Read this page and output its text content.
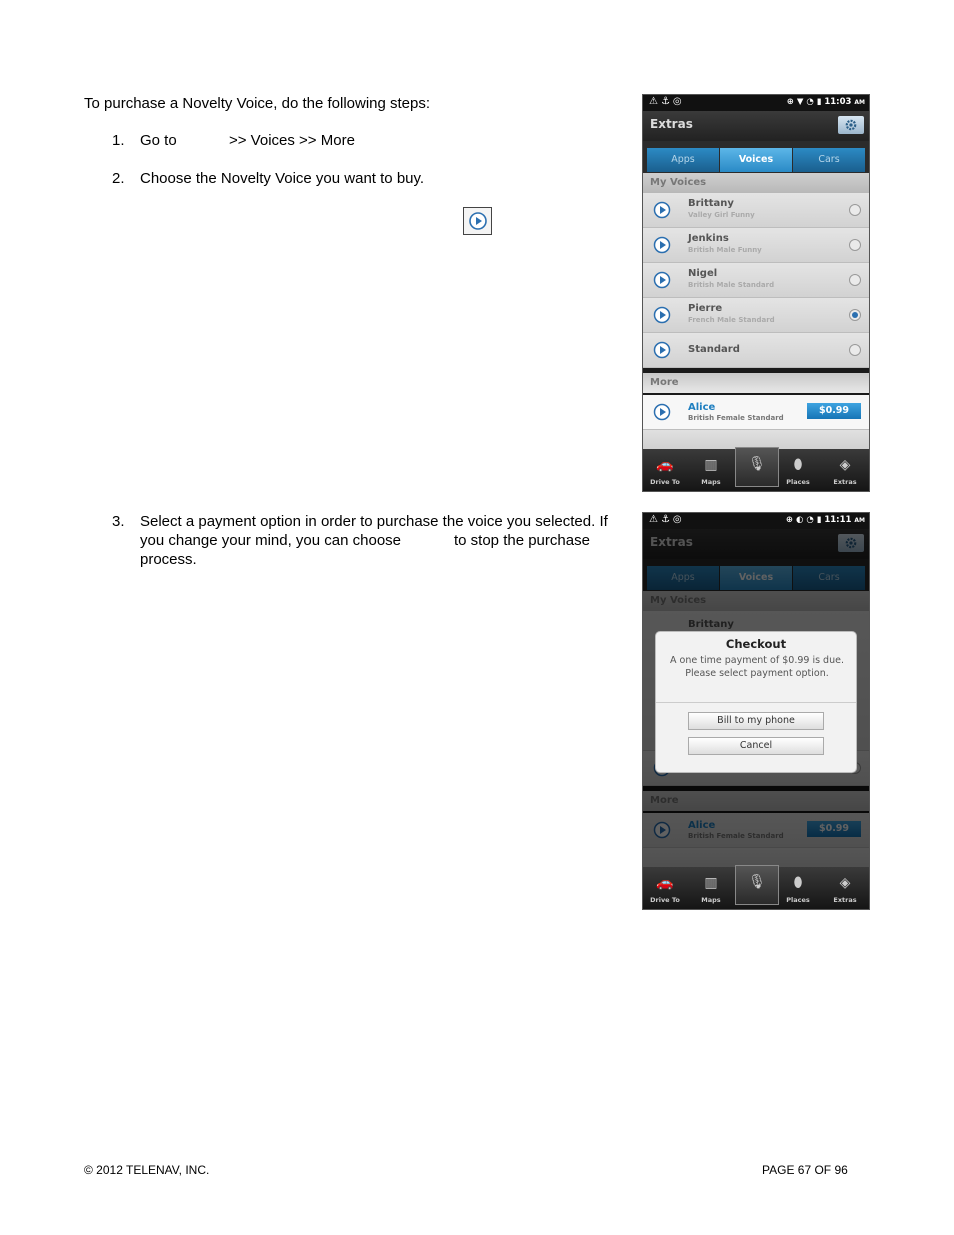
To purchase a Novelty Voice, do the following steps:
1. Go to	>> Voices >> More
2. Choose the Novelty Voice you want to buy.
3. Select a payment option in order to purchase the voice you selected. If
you change your mind, you can choose	to stop the purchase
process.
⚠⚓◎	⊕ ▼ ◔ ▮ 11:03 AM
Extras
Apps	Voices	Cars
My Voices
Brittany
Valley Girl Funny
Jenkins
British Male Funny
Nigel
British Male Standard
Pierre
French Male Standard
Standard
More
Alice
British Female Standard
$0.99
🚗
Drive To
▥
Maps
🎙	⬮
Places
◈
Extras
⚠⚓◎	⊕ ◐ ◔ ▮ 11:11 AM
Checkout
A one time payment of $0.99 is due. Please select payment option.
Bill to my phone
Cancel
🚗
Drive To
▥
Maps
🎙	⬮
Places
◈
Extras
© 2012 TELENAV, INC.	PAGE 67 OF 96
